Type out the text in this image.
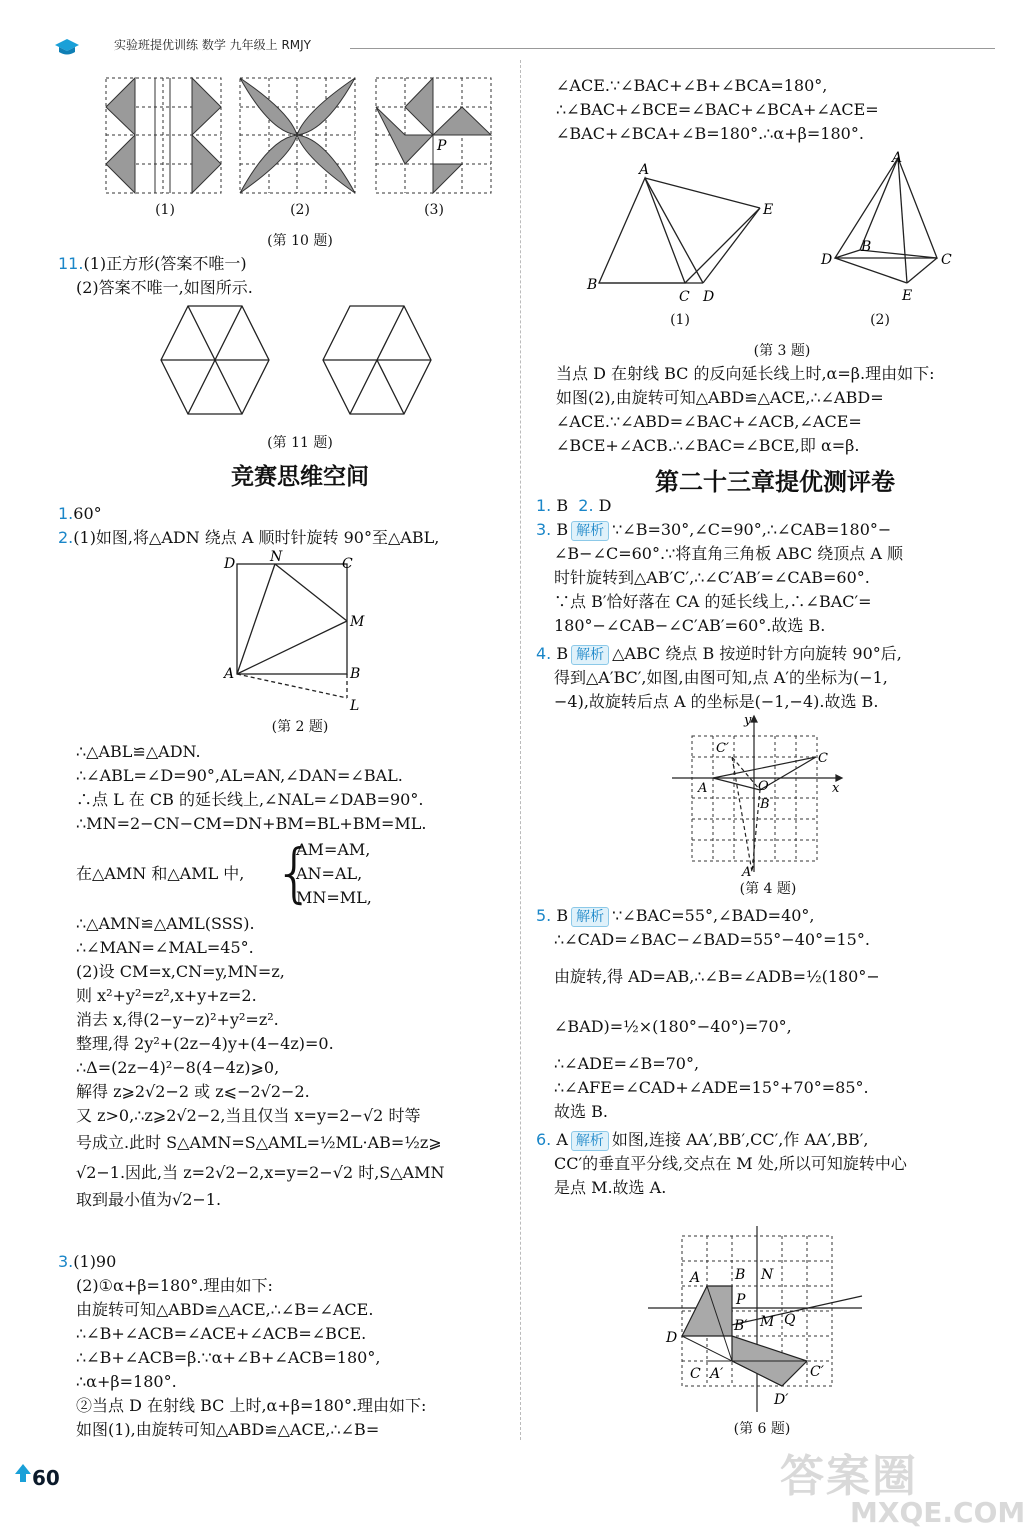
实验班提优训练 数学 九年级上 RMJY
P
(1)	(2)	(3)
(第 10 题)
11.(1)正方形(答案不唯一)
(2)答案不唯一,如图所示.
(第 11 题)
竞赛思维空间
1.60°
2.(1)如图,将△ADN 绕点 A 顺时针旋转 90°至△ABL,
D N	C
M
A	B
L
(第 2 题)
∴△ABL≌△ADN.
∴∠ABL=∠D=90°,AL=AN,∠DAN=∠BAL.
∴点 L 在 CB 的延长线上,∠NAL=∠DAB=90°.
∴MN=2−CN−CM=DN+BM=BL+BM=ML.
在△AMN 和△AML 中, {
AM=AM,
AN=AL,
MN=ML,
∴△AMN≌△AML(SSS).
∴∠MAN=∠MAL=45°.
(2)设 CM=x,CN=y,MN=z,
则 x²+y²=z²,x+y+z=2.
消去 x,得(2−y−z)²+y²=z².
整理,得 2y²+(2z−4)y+(4−4z)=0.
∴Δ=(2z−4)²−8(4−4z)⩾0,
解得 z⩾2√2−2 或 z⩽−2√2−2.
又 z>0,∴z⩾2√2−2,当且仅当 x=y=2−√2 时等
号成立.此时 S△AMN=S△AML=½ML·AB=½z⩾
√2−1.因此,当 z=2√2−2,x=y=2−√2 时,S△AMN
取到最小值为√2−1.
3.(1)90
(2)①α+β=180°.理由如下:
由旋转可知△ABD≌△ACE,∴∠B=∠ACE.
∴∠B+∠ACB=∠ACE+∠ACB=∠BCE.
∴∠B+∠ACB=β.∵α+∠B+∠ACB=180°,
∴α+β=180°.
②当点 D 在射线 BC 上时,α+β=180°.理由如下:
如图(1),由旋转可知△ABD≌△ACE,∴∠B=
∠ACE.∵∠BAC+∠B+∠BCA=180°,
∴∠BAC+∠BCE=∠BAC+∠BCA+∠ACE=
∠BAC+∠BCA+∠B=180°.∴α+β=180°.
A
B
C D
E
A
B
C
D
E
(1)	(2)
(第 3 题)
当点 D 在射线 BC 的反向延长线上时,α=β.理由如下:
如图(2),由旋转可知△ABD≌△ACE,∴∠ABD=
∠ACE.∵∠ABD=∠BAC+∠ACB,∠ACE=
∠BCE+∠ACB.∴∠BAC=∠BCE,即 α=β.
第二十三章提优测评卷
1. B 2. D
3. B 解析 ∵∠B=30°,∠C=90°,∴∠CAB=180°−
∠B−∠C=60°.∵将直角三角板 ABC 绕顶点 A 顺
时针旋转到△AB′C′,∴∠C′AB′=∠CAB=60°.
∵点 B′恰好落在 CA 的延长线上,∴∠BAC′=
180°−∠CAB−∠C′AB′=60°.故选 B.
4. B 解析 △ABC 绕点 B 按逆时针方向旋转 90°后,
得到△A′BC′,如图,由图可知,点 A′的坐标为(−1,
−4),故旋转后点 A 的坐标是(−1,−4).故选 B.
y
x
C′
C
A	O
B
A′
(第 4 题)
5. B 解析 ∵∠BAC=55°,∠BAD=40°,
∴∠CAD=∠BAC−∠BAD=55°−40°=15°.
由旋转,得 AD=AB,∴∠B=∠ADB=½(180°−
∠BAD)=½×(180°−40°)=70°,
∴∠ADE=∠B=70°,
∴∠AFE=∠CAD+∠ADE=15°+70°=85°.
故选 B.
6. A 解析 如图,连接 AA′,BB′,CC′,作 AA′,BB′,
CC′的垂直平分线,交点在 M 处,所以可知旋转中心
是点 M.故选 A.
A B N
P
D
B′ M Q
C A′	C′
D′
(第 6 题)
60	答案圈
MXQE.COM
